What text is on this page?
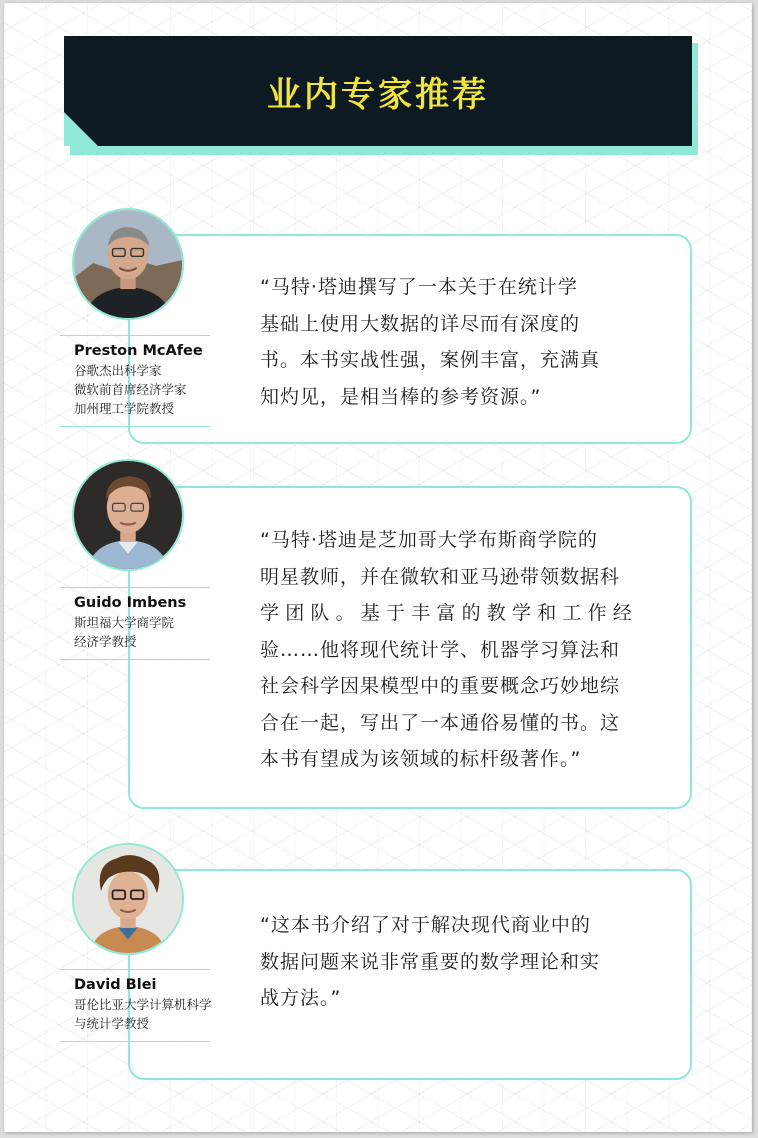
业内专家推荐
“马特·塔迪撰写了一本关于在统计学
基础上使用大数据的详尽而有深度的
书。本书实战性强，案例丰富，充满真
知灼见，是相当棒的参考资源。”
Preston McAfee
谷歌杰出科学家
微软前首席经济学家
加州理工学院教授
“马特·塔迪是芝加哥大学布斯商学院的
明星教师，并在微软和亚马逊带领数据科
学团队。基于丰富的教学和工作经
验……他将现代统计学、机器学习算法和
社会科学因果模型中的重要概念巧妙地综
合在一起，写出了一本通俗易懂的书。这
本书有望成为该领域的标杆级著作。”
Guido Imbens
斯坦福大学商学院
经济学教授
“这本书介绍了对于解决现代商业中的
数据问题来说非常重要的数学理论和实
战方法。”
David Blei
哥伦比亚大学计算机科学
与统计学教授
